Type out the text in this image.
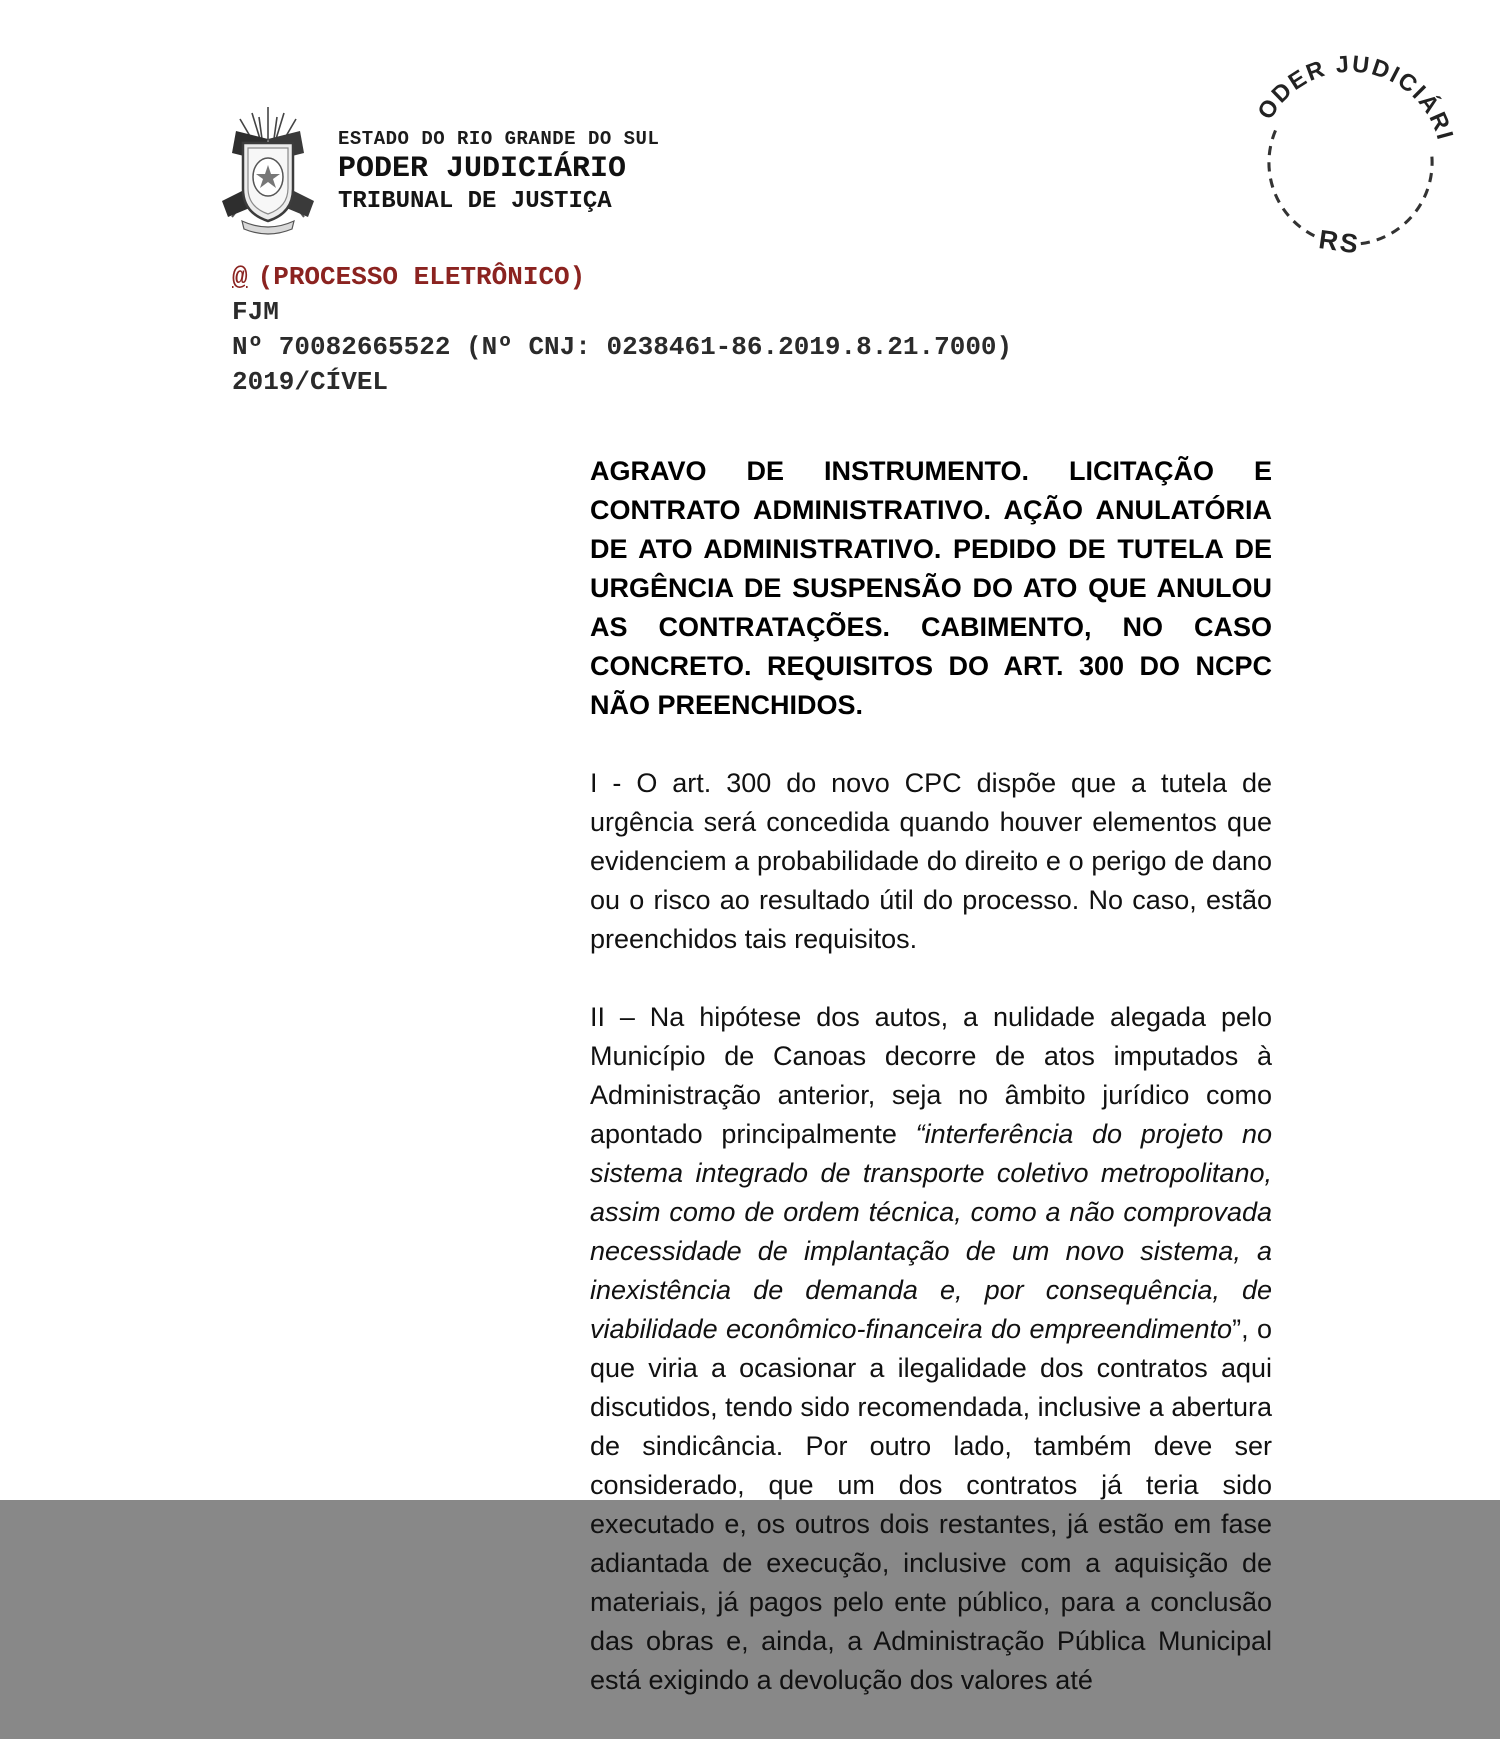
ESTADO DO RIO GRANDE DO SUL
PODER JUDICIÁRIO
TRIBUNAL DE JUSTIÇA
PODER JUDICIÁRIO
RS
@ (PROCESSO ELETRÔNICO)
FJM
Nº 70082665522 (Nº CNJ: 0238461-86.2019.8.21.7000)
2019/CÍVEL

AGRAVO DE INSTRUMENTO. LICITAÇÃO E CONTRATO ADMINISTRATIVO. AÇÃO ANULATÓRIA DE ATO ADMINISTRATIVO. PEDIDO DE TUTELA DE URGÊNCIA DE SUSPENSÃO DO ATO QUE ANULOU AS CONTRATAÇÕES. CABIMENTO, NO CASO CONCRETO. REQUISITOS DO ART. 300 DO NCPC NÃO PREENCHIDOS.

I - O art. 300 do novo CPC dispõe que a tutela de urgência será concedida quando houver elementos que evidenciem a probabilidade do direito e o perigo de dano ou o risco ao resultado útil do processo. No caso, estão preenchidos tais requisitos.

II – Na hipótese dos autos, a nulidade alegada pelo Município de Canoas decorre de atos imputados à Administração anterior, seja no âmbito jurídico como apontado principalmente “interferência do projeto no sistema integrado de transporte coletivo metropolitano, assim como de ordem técnica, como a não comprovada necessidade de implantação de um novo sistema, a inexistência de demanda e, por consequência, de viabilidade econômico-financeira do empreendimento”, o que viria a ocasionar a ilegalidade dos contratos aqui discutidos, tendo sido recomendada, inclusive a abertura de sindicância. Por outro lado, também deve ser considerado, que um dos contratos já teria sido executado e, os outros dois restantes, já estão em fase adiantada de execução, inclusive com a aquisição de materiais, já pagos pelo ente público, para a conclusão das obras e, ainda, a Administração Pública Municipal está exigindo a devolução dos valores até
